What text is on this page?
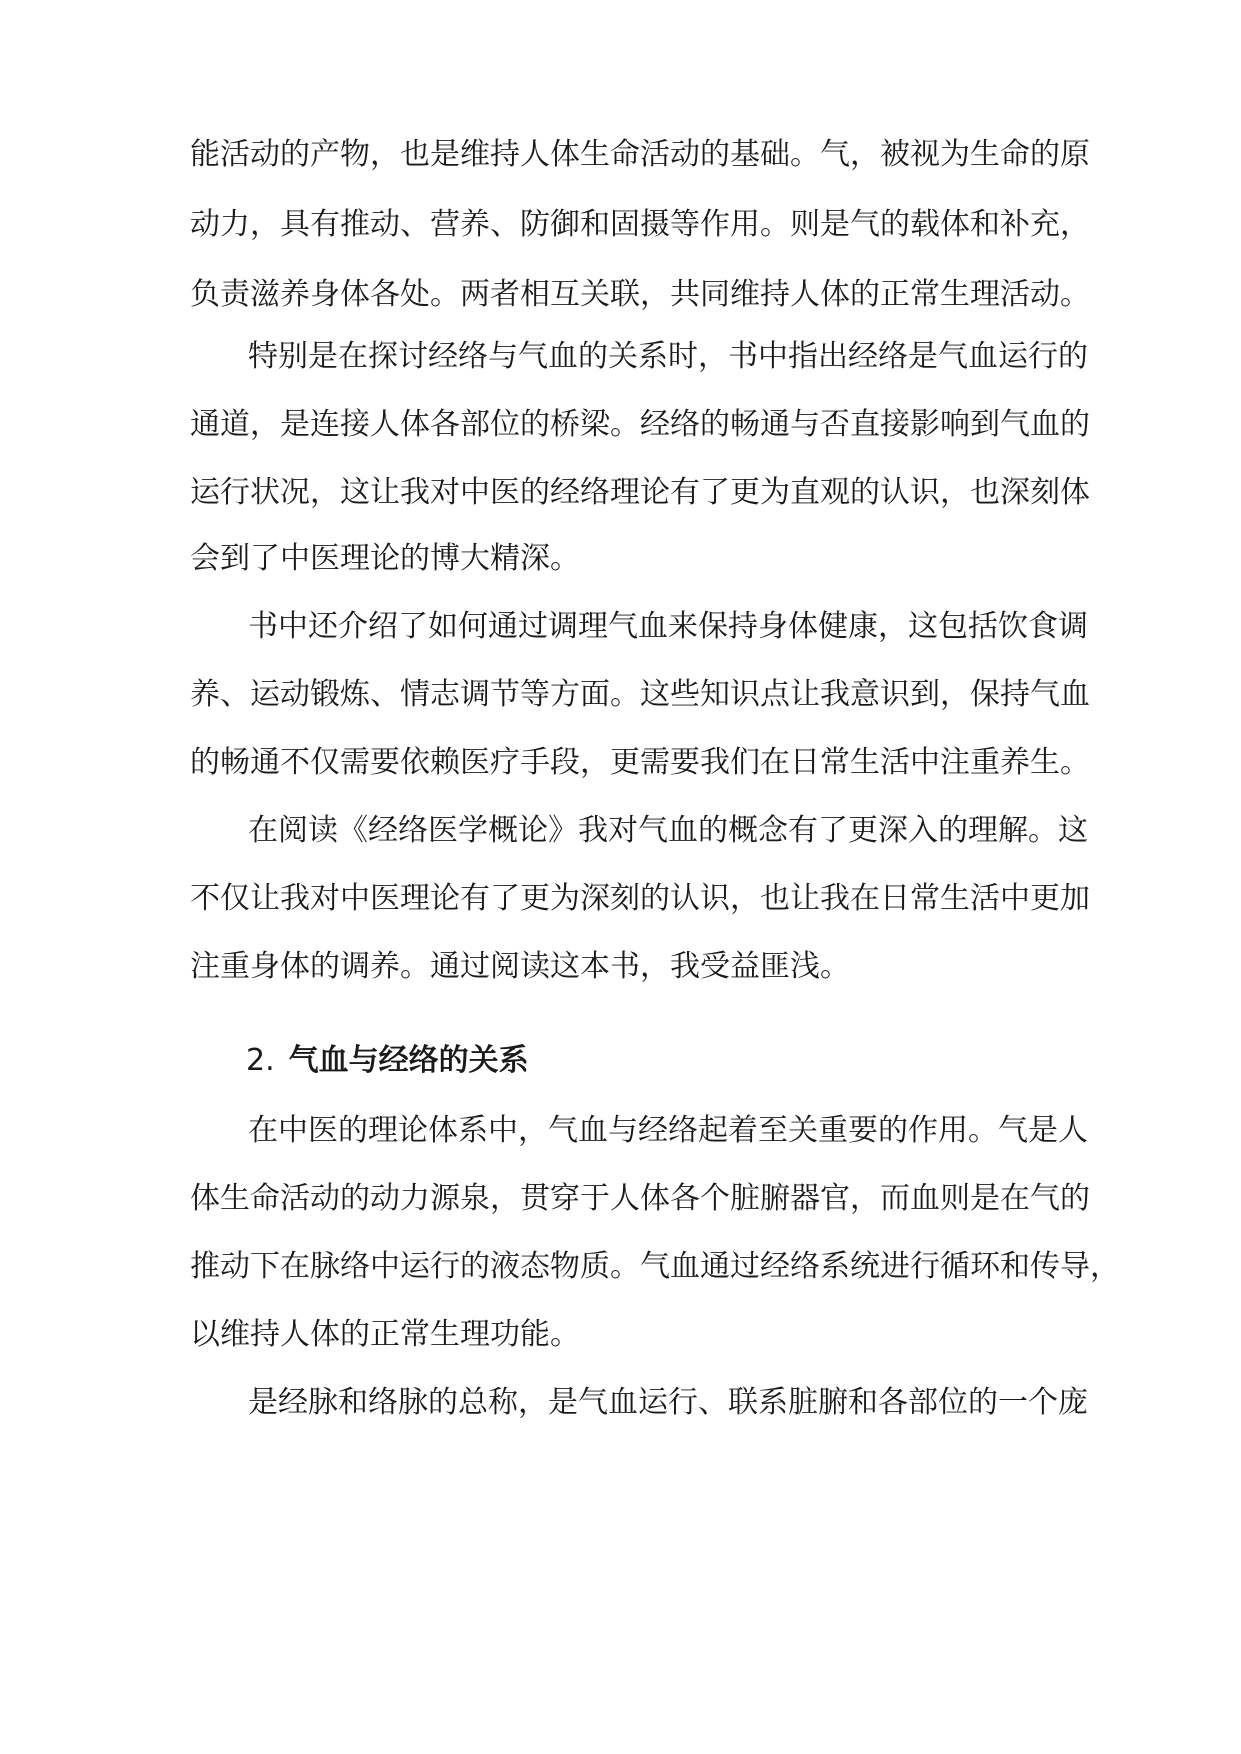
能活动的产物，也是维持人体生命活动的基础。气，被视为生命的原
动力，具有推动、营养、防御和固摄等作用。则是气的载体和补充，
负责滋养身体各处。两者相互关联，共同维持人体的正常生理活动。
特别是在探讨经络与气血的关系时，书中指出经络是气血运行的
通道，是连接人体各部位的桥梁。经络的畅通与否直接影响到气血的
运行状况，这让我对中医的经络理论有了更为直观的认识，也深刻体
会到了中医理论的博大精深。
书中还介绍了如何通过调理气血来保持身体健康，这包括饮食调
养、运动锻炼、情志调节等方面。这些知识点让我意识到，保持气血
的畅通不仅需要依赖医疗手段，更需要我们在日常生活中注重养生。
在阅读《经络医学概论》我对气血的概念有了更深入的理解。这
不仅让我对中医理论有了更为深刻的认识，也让我在日常生活中更加
注重身体的调养。通过阅读这本书，我受益匪浅。
2. 气血与经络的关系
在中医的理论体系中，气血与经络起着至关重要的作用。气是人
体生命活动的动力源泉，贯穿于人体各个脏腑器官，而血则是在气的
推动下在脉络中运行的液态物质。气血通过经络系统进行循环和传导，
以维持人体的正常生理功能。
是经脉和络脉的总称，是气血运行、联系脏腑和各部位的一个庞
